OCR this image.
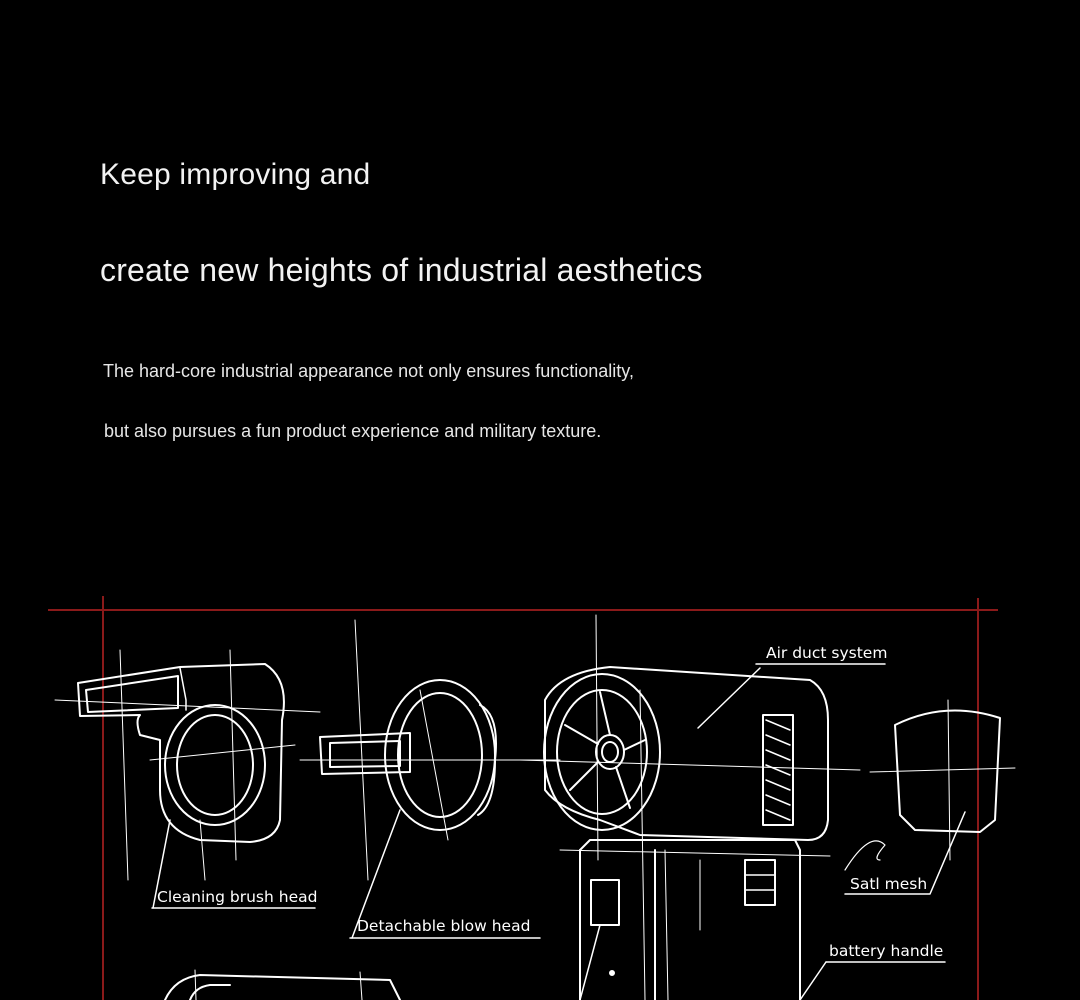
Keep improving and
create new heights of industrial aesthetics

The hard-core industrial appearance not only ensures functionality,

but also pursues a fun product experience and military texture.

Air duct system
Cleaning brush head
Detachable blow head
Satl mesh
battery handle
